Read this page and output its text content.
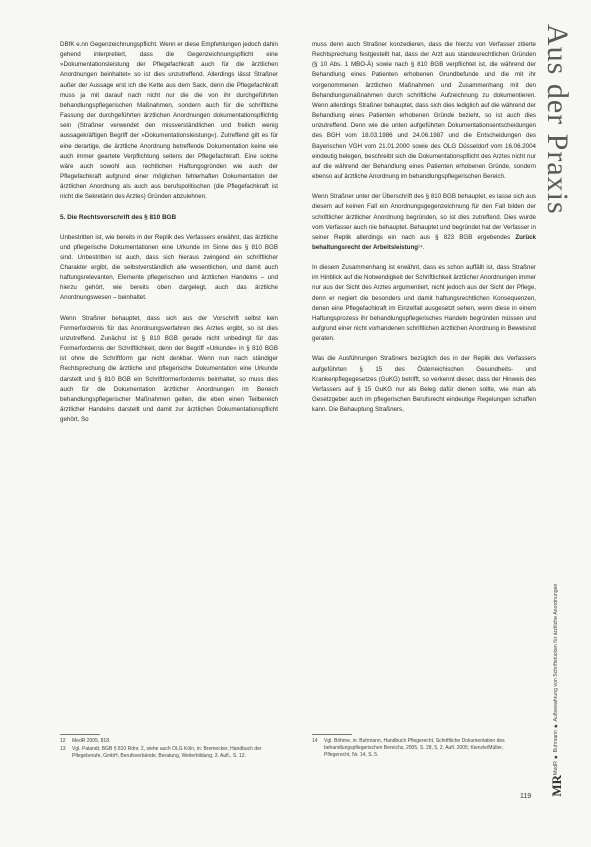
DBfK e.nn Gegenzeichnungspflicht. Wenn er diese Empfehlungen jedoch dahin gehend interpretiert, dass die Gegenzeichnungspflicht eine »Dokumentationsleistung der Pflegefachkraft auch für die ärztlichen Anordnungen beinhaltet« so ist dies unzutreffend. Allerdings lässt Straßner außer der Aussage erst ich die Kette aus dem Sack, denn die Pflegefachkraft muss ja mit darauf nach nicht nur die die von ihr durchgeführten behandlungspflegerischen Maßnahmen, sondern auch für die schriftliche Fassung der durchgeführten ärztlichen Anordnungen dokumentationspflichtig sein (Straßner verwendet den missverständlichen und freilich wenig aussagekräftigen Begriff der »Dokumentationsleistung«). Zutreffend gilt es für eine derartige, die ärztliche Anordnung betreffende Dokumentation keine wie auch immer geartete Verpflichtung seitens der Pflegefachkraft. Eine solche wäre auch sowohl aus rechtlichen Haftungsgründen wie auch der Pflegefachkraft aufgrund einer möglichen fehlerhaften Dokumentation der ärztlichen Anordnung als auch aus berufspolitischen (die Pflegefachkraft ist nicht die Sekretärin des Arztes) Gründen abzulehnen.

5. Die Rechtsvorschrift des § 810 BGB

Unbestritten ist, wie bereits in der Replik des Verfassers erwähnt, das ärztliche und pflegerische Dokumentationen eine Urkunde im Sinne des § 810 BGB sind. Unbestritten ist auch, dass sich hieraus zwingend ein schriftlicher Charakter ergibt, die selbstverständlich alle wesentlichen, und damit auch haftungsrelevanten, Elemente pflegerischen und ärztlichen Handelns – und hierzu gehört, wie bereits oben dargelegt, auch das ärztliche Anordnungswesen – beinhaltet.

Wenn Straßner behauptet, dass sich aus der Vorschrift selbst kein Formerfordernis für das Anordnungsverfahren des Arztes ergibt, so ist dies unzutreffend. Zunächst ist § 810 BGB gerade nicht unbedingt für das Formerfordernis der Schriftlichkeit, denn der Begriff »Urkunde« in § 810 BGB ist ohne die Schriftform gar nicht denkbar. Wenn nun nach ständiger Rechtsprechung die ärztliche und pflegerische Dokumentation eine Urkunde darstellt und § 810 BGB ein Schriftformerfordernis beinhaltet, so muss dies auch für die Dokumentation ärztlicher Anordnungen im Bereich behandlungspflegerischer Maßnahmen gelten, die eben einen Teilbereich ärztlicher Handelns darstellt und damit zur ärztlichen Dokumentationspflicht gehört. So

muss denn auch Straßner konzedieren, dass die hierzu von Verfasser zitierte Rechtsprechung festgestellt hat, dass der Arzt aus standesrechtlichen Gründen (§ 10 Abs. 1 MBO-Ä) sowie nach § 810 BGB verpflichtet ist, die während der Behandlung eines Patienten erhobenen Grundbefunde und die mit ihr vorgenommenen ärztlichen Maßnahmen und Zusammenhang mit den Behandlungsmaßnahmen durch schriftliche Aufzeichnung zu dokumentieren. Wenn allerdings Straßner behauptet, dass sich dies lediglich auf die während der Behandlung eines Patienten erhobenen Gründe bezieht, so ist auch dies unzutreffend. Denn wie die unten aufgeführten Dokumentationsentscheidungen des BGH vom 18.03.1986 und 24.06.1987 und die Entscheidungen des Bayerischen VGH vom 21.01.2000 sowie des OLG Düsseldorf vom 16.06.2004 eindeutig belegen, beschreibt sich die Dokumentationspflicht des Arztes nicht nur auf die während der Behandlung eines Patienten erhobenen Gründe, sondern ebenso auf ärztliche Anordnung im behandlungspflegerischen Bereich.

Wenn Straßner unter der Überschrift des § 810 BGB behauptet, es lasse sich aus diesem auf keinen Fall ein Anordnungsgegenzeichnung für den Fall bilden der schriftlicher ärztlicher Anordnung begründen, so ist dies zutreffend. Dies wurde vom Verfasser auch nie behauptet. Behauptet und begründet hat der Verfasser in seiner Replik allerdings ein nach aus § 823 BGB ergebendes Zurück behaltungsrecht der Arbeitsleistung¹⁴.

In diesem Zusammenhang ist erwähnt, dass es schon auffällt ist, dass Straßner im Hinblick auf die Notwendigkeit der Schriftlichkeit ärztlicher Anordnungen immer nur aus der Sicht des Arztes argumentiert, nicht jedoch aus der Sicht der Pflege, denn er negiert die besonders und damit haftungsrechtlichen Konsequenzen, denen eine Pflegefachkraft im Einzelfall ausgesetzt sehen, wenn diese in einem Haftungsprozess ihr behandlungspflegerisches Handeln begründen müssen und aufgrund einer nicht vorhandenen schriftlichen ärztlichen Anordnung in Beweisnot geraten.

Was die Ausführungen Straßners bezüglich des in der Replik des Verfassers aufgeführten § 15 des Österreichischen Gesundheits- und Krankenpflegegesetzes (GuKG) betrifft, so verkennt dieser, dass der Hinweis des Verfassers auf § 15 GuKG nur als Beleg dafür dienen sollte, wie man als Gesetzgeber auch im pflegerischen Berufsrecht eindeutige Regelungen schaffen kann. Die Behauptung Straßners,

12 MedR 2005, 818.
13 Vgl. Palandt, BGB § 810 Rdnr. 2, siehe auch OLG Köln, in: Bremecker, Handbuch der Pflegeberufe, GmbH, Berufsverbände, Beratung, Weiterbildung, 3. Aufl., S. 12.
14 Vgl. Böhme, in: Buhmann, Handbuch Pflegerecht, Schriftliche Dokumentation des behandlungspflegerischen Bereichs, 2005, S. 28, 5, 2. Aufl. 2005; Kienzle/Müller, Pflegerecht, Nr. 14, S. 5.
Aus der Praxis
MedR ■ Buhmann ■ Aufbewahrung von Schriftstücken für ärztliche Anordnungen
MR
119
